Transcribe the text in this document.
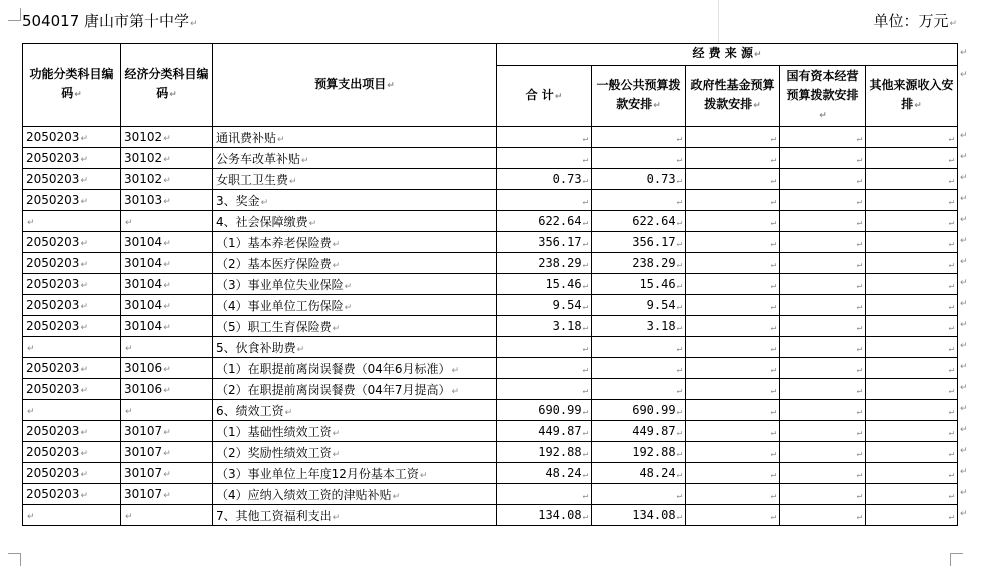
504017 唐山市第十中学↵	单位：万元↵
功能分类科目编码↵	经济分类科目编码↵	预算支出项目↵	经 费 来 源↵				
			合 计↵	一般公共预算拨款安排↵	政府性基金预算拨款安排↵	国有资本经营预算拨款安排↵	其他来源收入安排↵
2050203↵	30102↵	通讯费补贴↵	↵	↵	↵	↵	↵
2050203↵	30102↵	公务车改革补贴↵	↵	↵	↵	↵	↵
2050203↵	30102↵	女职工卫生费↵	0.73↵	0.73↵	↵	↵	↵
2050203↵	30103↵	3、奖金↵	↵	↵	↵	↵	↵
↵	↵	4、社会保障缴费↵	622.64↵	622.64↵	↵	↵	↵
2050203↵	30104↵	（1）基本养老保险费↵	356.17↵	356.17↵	↵	↵	↵
2050203↵	30104↵	（2）基本医疗保险费↵	238.29↵	238.29↵	↵	↵	↵
2050203↵	30104↵	（3）事业单位失业保险↵	15.46↵	15.46↵	↵	↵	↵
2050203↵	30104↵	（4）事业单位工伤保险↵	9.54↵	9.54↵	↵	↵	↵
2050203↵	30104↵	（5）职工生育保险费↵	3.18↵	3.18↵	↵	↵	↵
↵	↵	5、伙食补助费↵	↵	↵	↵	↵	↵
2050203↵	30106↵	（1）在职提前离岗误餐费（04年6月标准）↵	↵	↵	↵	↵	↵
2050203↵	30106↵	（2）在职提前离岗误餐费（04年7月提高）↵	↵	↵	↵	↵	↵
↵	↵	6、绩效工资↵	690.99↵	690.99↵	↵	↵	↵
2050203↵	30107↵	（1）基础性绩效工资↵	449.87↵	449.87↵	↵	↵	↵
2050203↵	30107↵	（2）奖励性绩效工资↵	192.88↵	192.88↵	↵	↵	↵
2050203↵	30107↵	（3）事业单位上年度12月份基本工资↵	48.24↵	48.24↵	↵	↵	↵
2050203↵	30107↵	（4）应纳入绩效工资的津贴补贴↵	↵	↵	↵	↵	↵
↵	↵	7、其他工资福利支出↵	134.08↵	134.08↵	↵	↵	↵
↵
↵
↵
↵
↵
↵
↵
↵
↵
↵
↵
↵
↵
↵
↵
↵
↵
↵
↵
↵
↵
